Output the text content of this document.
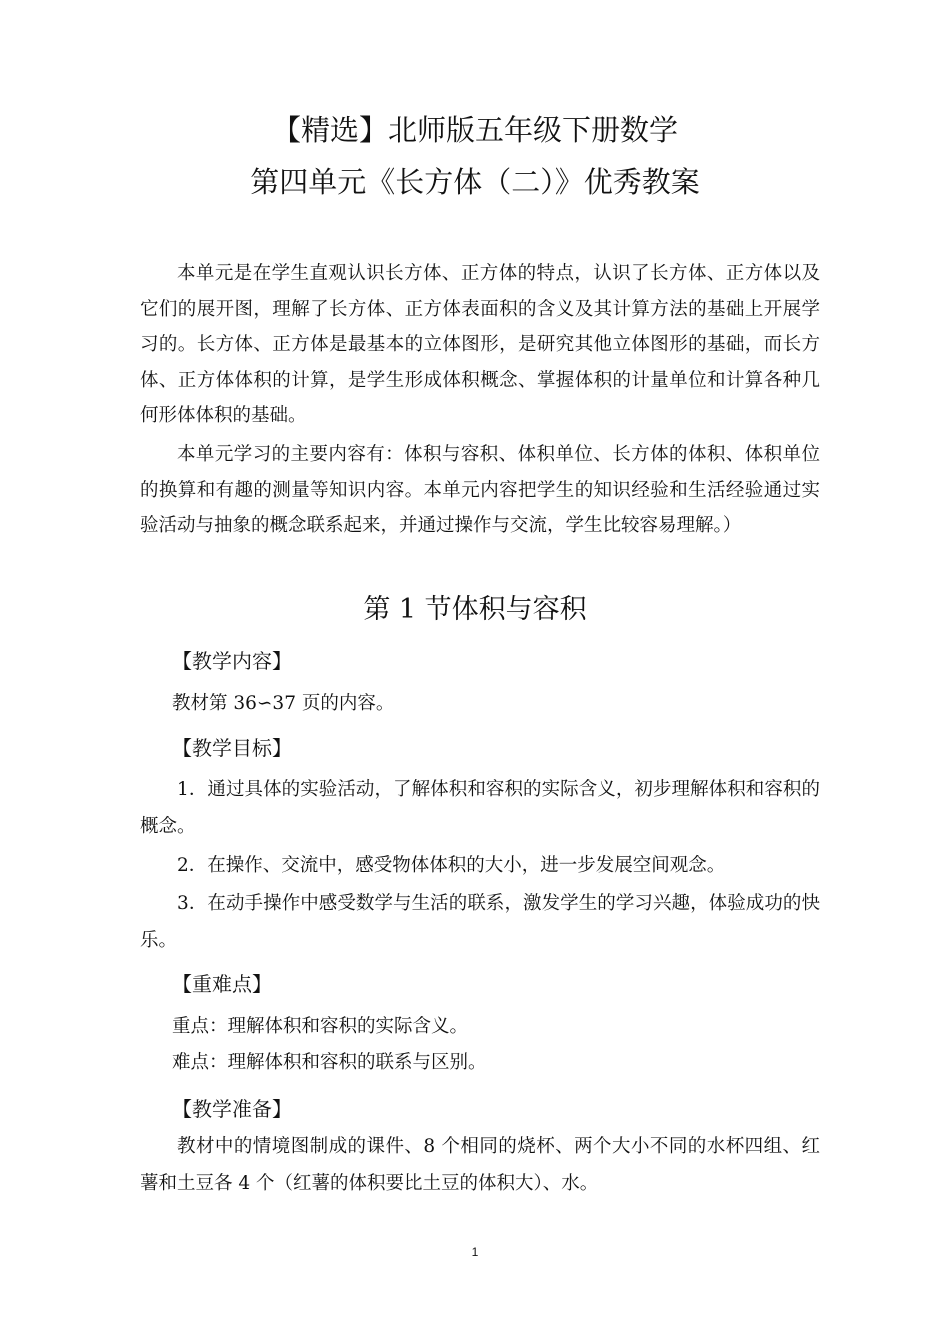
【精选】北师版五年级下册数学
第四单元《长方体（二）》优秀教案
本单元是在学生直观认识长方体、正方体的特点，认识了长方体、正方体以及它们的展开图，理解了长方体、正方体表面积的含义及其计算方法的基础上开展学习的。长方体、正方体是最基本的立体图形，是研究其他立体图形的基础，而长方体、正方体体积的计算，是学生形成体积概念、掌握体积的计量单位和计算各种几何形体体积的基础。
本单元学习的主要内容有：体积与容积、体积单位、长方体的体积、体积单位的换算和有趣的测量等知识内容。本单元内容把学生的知识经验和生活经验通过实验活动与抽象的概念联系起来，并通过操作与交流，学生比较容易理解。）
第 1 节体积与容积
【教学内容】
教材第 36∽37 页的内容。
【教学目标】
1．通过具体的实验活动，了解体积和容积的实际含义，初步理解体积和容积的概念。
2．在操作、交流中，感受物体体积的大小，进一步发展空间观念。
3．在动手操作中感受数学与生活的联系，激发学生的学习兴趣，体验成功的快乐。
【重难点】
重点：理解体积和容积的实际含义。
难点：理解体积和容积的联系与区别。
【教学准备】
教材中的情境图制成的课件、8 个相同的烧杯、两个大小不同的水杯四组、红薯和土豆各 4 个（红薯的体积要比土豆的体积大）、水。
1
